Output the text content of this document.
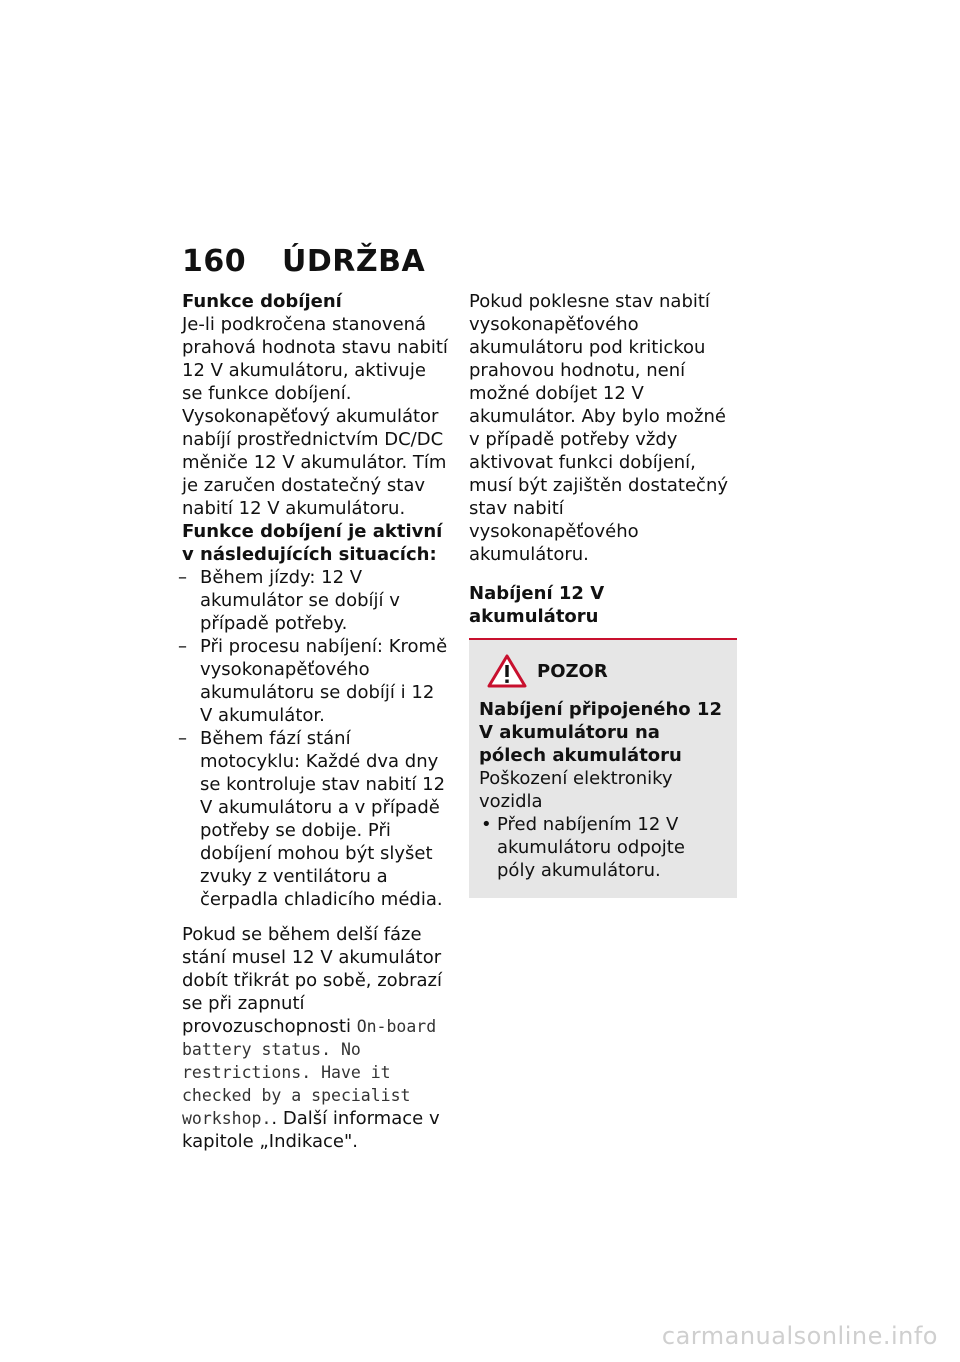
160 ÚDRŽBA

Funkce dobíjení

Je-li podkročena stanovená prahová hodnota stavu nabití 12 V akumulátoru, aktivuje se funkce dobíjení. Vysokonapěťový akumulátor nabíjí prostřednictvím DC/DC měniče 12 V akumulátor. Tím je zaručen dostatečný stav nabití 12 V akumulátoru.

Funkce dobíjení je aktivní v následujících situacích:

– Během jízdy: 12 V akumulátor se dobíjí v případě potřeby.
– Při procesu nabíjení: Kromě vysokonapěťového akumulátoru se dobíjí i 12 V akumulátor.
– Během fází stání motocyklu: Každé dva dny se kontroluje stav nabití 12 V akumulátoru a v případě potřeby se dobije. Při dobíjení mohou být slyšet zvuky z ventilátoru a čerpadla chladicího média.

Pokud se během delší fáze stání musel 12 V akumulátor dobít třikrát po sobě, zobrazí se při zapnutí provozuschopnosti On-board battery status. No restrictions. Have it checked by a specialist workshop.. Další informace v kapitole „Indikace".

Pokud poklesne stav nabití vysokonapěťového akumulátoru pod kritickou prahovou hodnotu, není možné dobíjet 12 V akumulátor. Aby bylo možné v případě potřeby vždy aktivovat funkci dobíjení, musí být zajištěn dostatečný stav nabití vysokonapěťového akumulátoru.

Nabíjení 12 V akumulátoru

POZOR

Nabíjení připojeného 12 V akumulátoru na pólech akumulátoru

Poškození elektroniky vozidla

• Před nabíjením 12 V akumulátoru odpojte póly akumulátoru.
carmanualsonline.info
